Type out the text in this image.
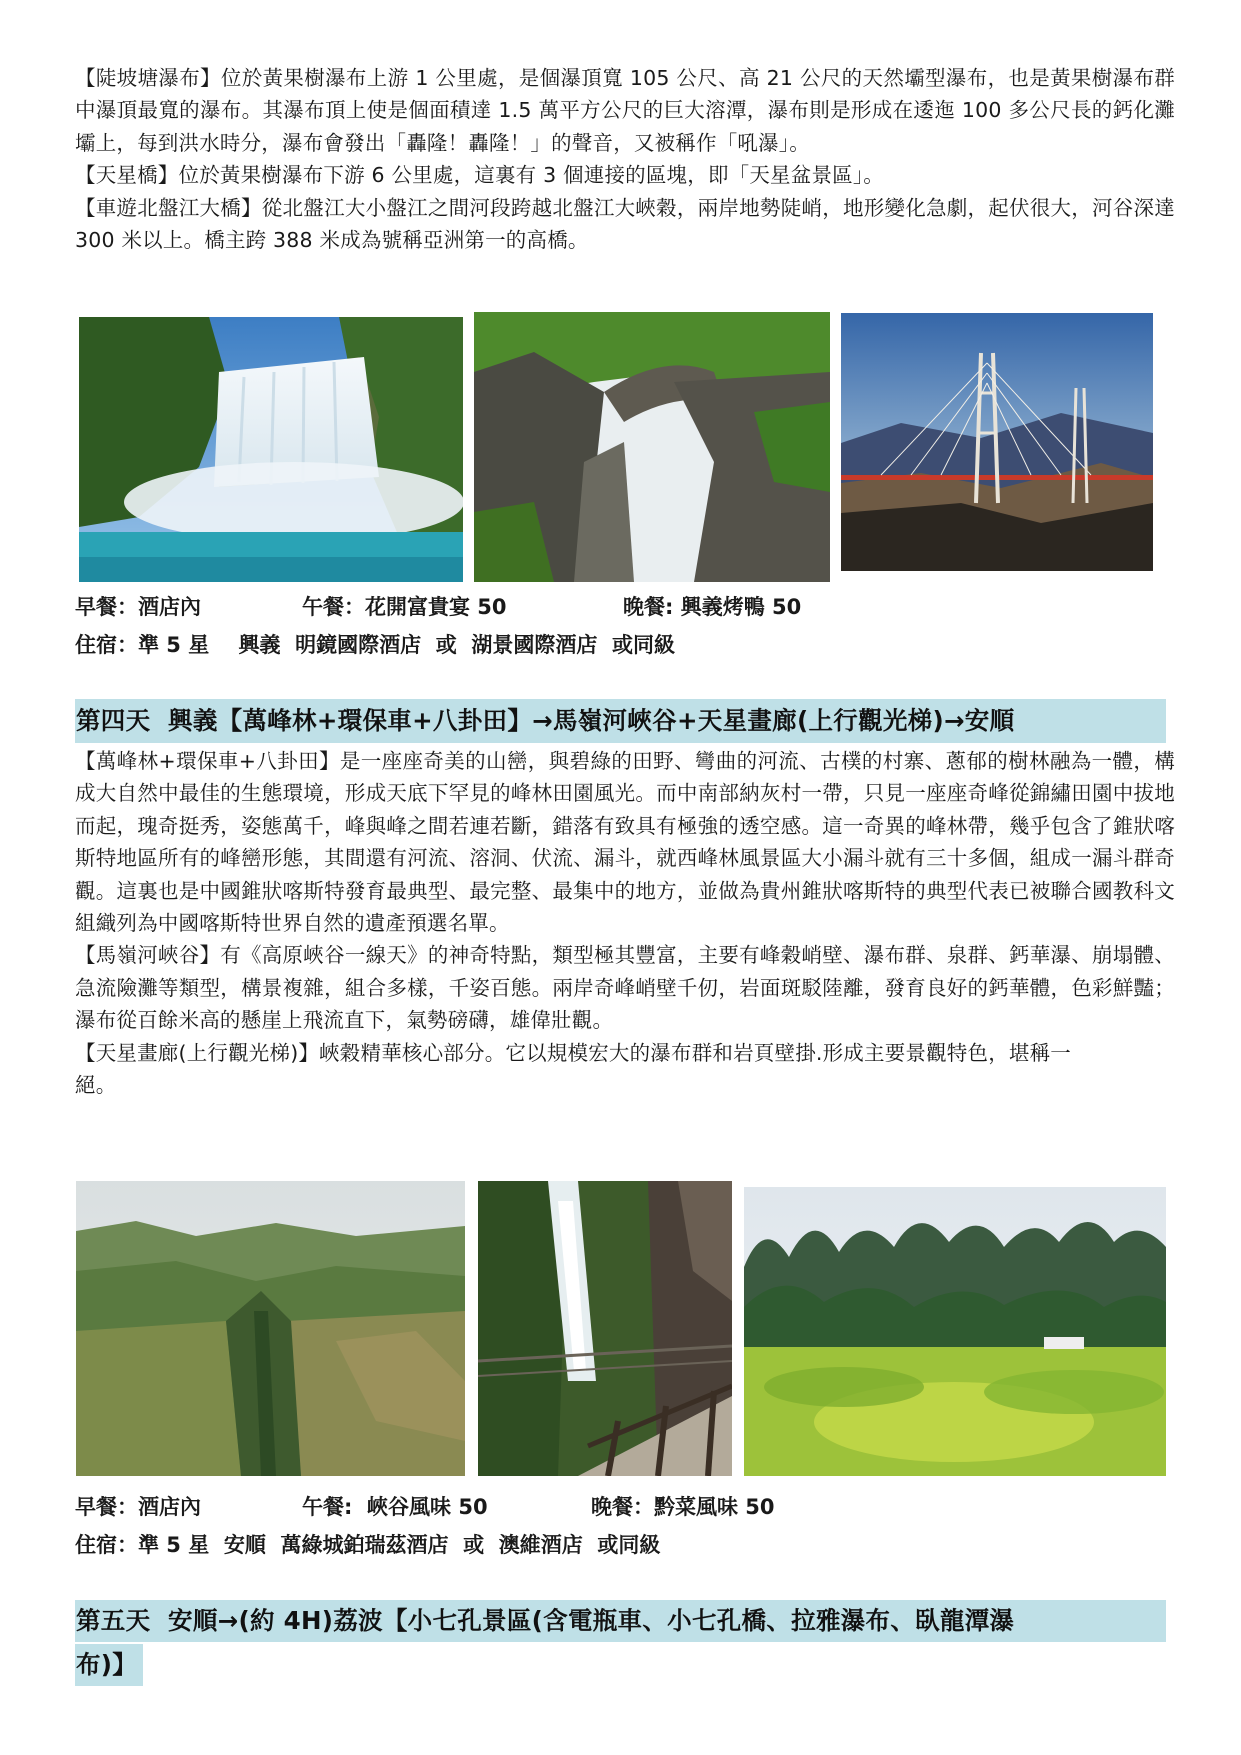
【陡坡塘瀑布】位於黃果樹瀑布上游 1 公里處，是個瀑頂寬 105 公尺、高 21 公尺的天然壩型瀑布，也是黃果樹瀑布群中瀑頂最寬的瀑布。其瀑布頂上使是個面積達 1.5 萬平方公尺的巨大溶潭，瀑布則是形成在逶迤 100 多公尺長的鈣化灘壩上，每到洪水時分，瀑布會發出「轟隆！轟隆！」的聲音，又被稱作「吼瀑」。

【天星橋】位於黃果樹瀑布下游 6 公里處，這裏有 3 個連接的區塊，即「天星盆景區」。

【車遊北盤江大橋】從北盤江大小盤江之間河段跨越北盤江大峽穀，兩岸地勢陡峭，地形變化急劇，起伏很大，河谷深達 300 米以上。橋主跨 388 米成為號稱亞洲第一的高橋。

早餐：酒店內	午餐：花開富貴宴 50	晚餐: 興義烤鴨 50
住宿：準 5 星    興義  明鏡國際酒店  或  湖景國際酒店  或同級
第四天  興義【萬峰林+環保車+八卦田】→馬嶺河峽谷+天星畫廊(上行觀光梯)→安順

【萬峰林+環保車+八卦田】是一座座奇美的山巒，與碧綠的田野、彎曲的河流、古樸的村寨、蔥郁的樹林融為一體，構成大自然中最佳的生態環境，形成天底下罕見的峰林田園風光。而中南部納灰村一帶，只見一座座奇峰從錦繡田園中拔地而起，瑰奇挺秀，姿態萬千，峰與峰之間若連若斷，錯落有致具有極強的透空感。這一奇異的峰林帶，幾乎包含了錐狀喀斯特地區所有的峰巒形態，其間還有河流、溶洞、伏流、漏斗，就西峰林風景區大小漏斗就有三十多個，組成一漏斗群奇觀。這裏也是中國錐狀喀斯特發育最典型、最完整、最集中的地方，並做為貴州錐狀喀斯特的典型代表已被聯合國教科文組織列為中國喀斯特世界自然的遺產預選名單。

【馬嶺河峽谷】有《高原峽谷一線天》的神奇特點，類型極其豐富，主要有峰穀峭壁、瀑布群、泉群、鈣華瀑、崩塌體、急流險灘等類型，構景複雜，組合多樣，千姿百態。兩岸奇峰峭壁千仞，岩面斑駁陸離，發育良好的鈣華體，色彩鮮豔；瀑布從百餘米高的懸崖上飛流直下，氣勢磅礴，雄偉壯觀。

【天星畫廊(上行觀光梯)】峽穀精華核心部分。它以規模宏大的瀑布群和岩頁壁掛.形成主要景觀特色，堪稱一絕。

早餐：酒店內	午餐:  峽谷風味 50	晚餐：黔菜風味 50
住宿：準 5 星  安順  萬綠城鉑瑞茲酒店  或  澳維酒店  或同級
第五天  安順→(約 4H)荔波【小七孔景區(含電瓶車、小七孔橋、拉雅瀑布、臥龍潭瀑
布)】
